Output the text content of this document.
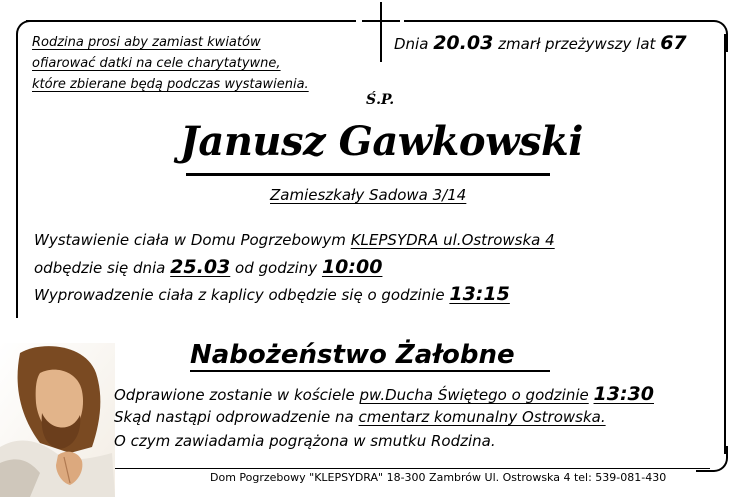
Rodzina prosi aby zamiast kwiatów
ofiarować datki na cele charytatywne,
które zbierane będą podczas wystawienia.
Dnia 20.03 zmarł przeżywszy lat 67
Ś.P.
Janusz Gawkowski
Zamieszkały Sadowa 3/14
Wystawienie ciała w Domu Pogrzebowym KLEPSYDRA ul.Ostrowska 4
odbędzie się dnia 25.03 od godziny 10:00
Wyprowadzenie ciała z kaplicy odbędzie się o godzinie 13:15
Nabożeństwo Żałobne
Odprawione zostanie w kościele pw.Ducha Świętego o godzinie 13:30
Skąd nastąpi odprowadzenie na cmentarz komunalny Ostrowska.
O czym zawiadamia pogrążona w smutku Rodzina.
Dom Pogrzebowy "KLEPSYDRA" 18-300 Zambrów Ul. Ostrowska 4 tel: 539-081-430
